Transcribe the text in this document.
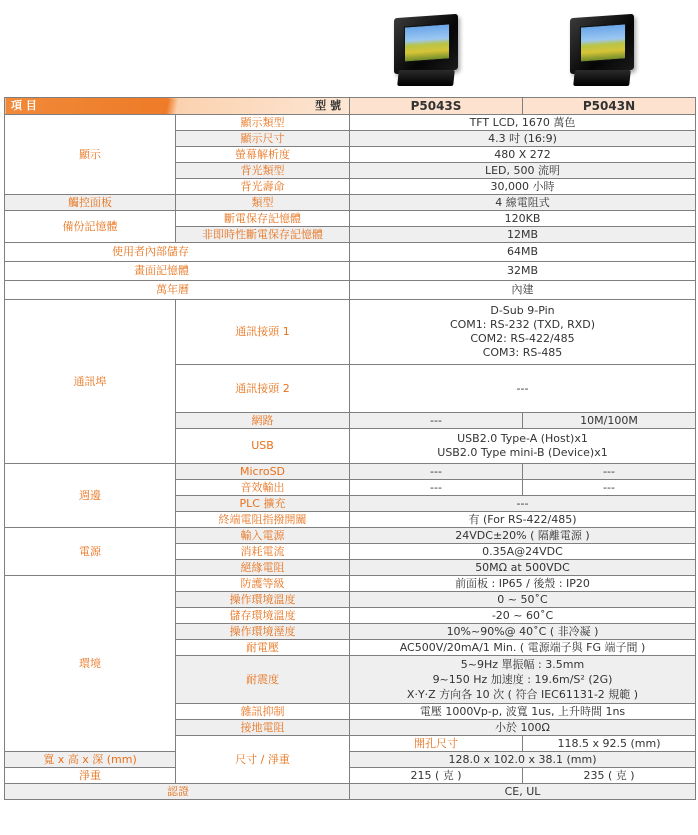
項 目 型 號		P5043S	P5043N
顯示	顯示類型	TFT LCD, 1670 萬色	
	顯示尺寸	4.3 吋 (16:9)	
	螢幕解析度	480 X 272	
	背光類型	LED, 500 流明	
	背光壽命	30,000 小時	
觸控面板	類型	4 線電阻式	
備份記憶體	斷電保存記憶體	120KB	
	非即時性斷電保存記憶體	12MB	
使用者內部儲存		64MB	
畫面記憶體		32MB	
萬年曆		內建	
通訊埠	通訊接頭 1	D-Sub 9-Pin
COM1: RS-232 (TXD, RXD)
COM2: RS-422/485
COM3: RS-485	

	通訊接頭 2	---	
	網路	---	10M/100M
	USB	USB2.0 Type-A (Host)x1
USB2.0 Type mini-B (Device)x1	

週邊	MicroSD	---	---
	音效輸出	---	---
	PLC 擴充	---	
	終端電阻指撥開關	有 (For RS-422/485)	
電源	輸入電源	24VDC±20% ( 隔離電源 )	
	消耗電流	0.35A@24VDC	
	絕緣電阻	50MΩ at 500VDC	
環境	防護等級	前面板 : IP65 / 後殼 : IP20	
	操作環境溫度	0 ~ 50˚C	
	儲存環境溫度	-20 ~ 60˚C	
	操作環境溼度	10%~90%@ 40˚C ( 非冷凝 )	
	耐電壓	AC500V/20mA/1 Min. ( 電源端子與 FG 端子間 )	
	耐震度	5~9Hz 單振幅 : 3.5mm
9~150 Hz 加速度 : 19.6m/S² (2G)
X‧Y‧Z 方向各 10 次 ( 符合 IEC61131-2 規範 )	

	雜訊抑制	電壓 1000Vp-p, 波寬 1us, 上升時間 1ns	
	接地電阻	小於 100Ω	
	尺寸 / 淨重	開孔尺寸	118.5 x 92.5 (mm)
寬 x 高 x 深 (mm)		128.0 x 102.0 x 38.1 (mm)	
淨重		215 ( 克 )	235 ( 克 )
認證		CE, UL	
